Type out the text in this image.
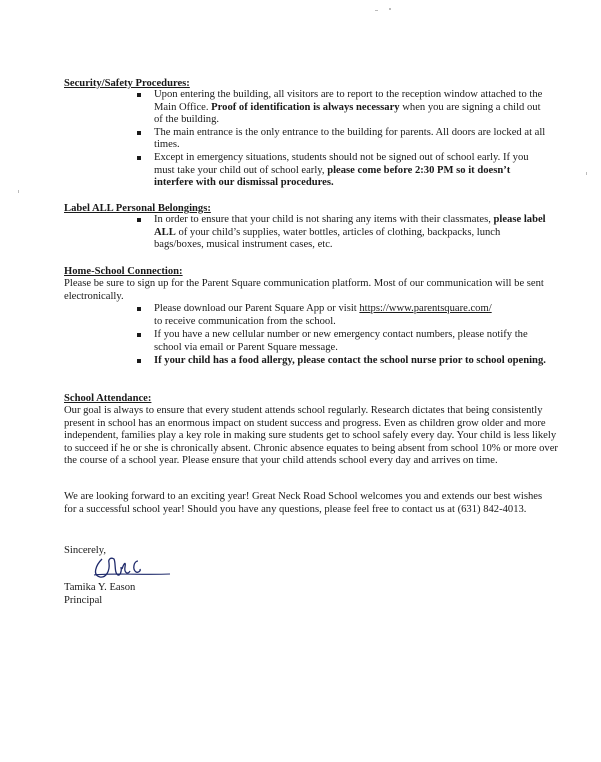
Security/Safety Procedures:
Upon entering the building, all visitors are to report to the reception window attached to the Main Office. Proof of identification is always necessary when you are signing a child out of the building.
The main entrance is the only entrance to the building for parents. All doors are locked at all times.
Except in emergency situations, students should not be signed out of school early. If you must take your child out of school early, please come before 2:30 PM so it doesn’t interfere with our dismissal procedures.
Label ALL Personal Belongings:
In order to ensure that your child is not sharing any items with their classmates, please label ALL of your child’s supplies, water bottles, articles of clothing, backpacks, lunch bags/boxes, musical instrument cases, etc.
Home-School Connection:

Please be sure to sign up for the Parent Square communication platform. Most of our communication will be sent electronically.

Please download our Parent Square App or visit https://www.parentsquare.com/
to receive communication from the school.
If you have a new cellular number or new emergency contact numbers, please notify the school via email or Parent Square message.
If your child has a food allergy, please contact the school nurse prior to school opening.
School Attendance:

Our goal is always to ensure that every student attends school regularly. Research dictates that being consistently present in school has an enormous impact on student success and progress. Even as children grow older and more independent, families play a key role in making sure students get to school safely every day. Your child is less likely to succeed if he or she is chronically absent. Chronic absence equates to being absent from school 10% or more over the course of a school year. Please ensure that your child attends school every day and arrives on time.

We are looking forward to an exciting year! Great Neck Road School welcomes you and extends our best wishes for a successful school year! Should you have any questions, please feel free to contact us at (631) 842-4013.

Sincerely,
Tamika Y. Eason
Principal
